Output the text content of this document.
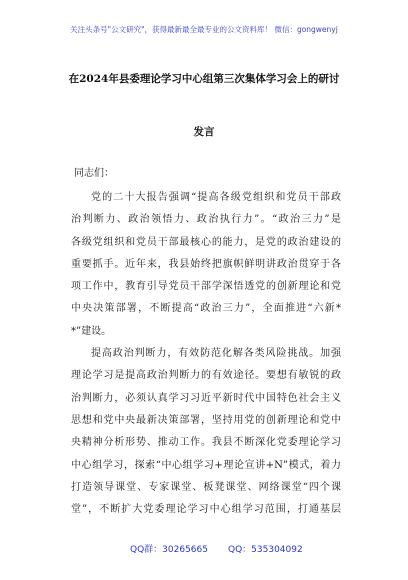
关注头条号"公文研究"，获得最新最全最专业的公文资料库！ 微信：gongwenyj
在2024年县委理论学习中心组第三次集体学习会上的研讨
发言
同志们：
党的二十大报告强调“提高各级党组织和党员干部政
治判断力、政治领悟力、政治执行力”。“政治三力”是
各级党组织和党员干部最核心的能力，是党的政治建设的
重要抓手。近年来，我县始终把旗帜鲜明讲政治贯穿于各
项工作中，教育引导党员干部学深悟透党的创新理论和党
中央决策部署，不断提高“政治三力”，全面推进“六新*
*”建设。
提高政治判断力，有效防范化解各类风险挑战。加强
理论学习是提高政治判断力的有效途径。要想有敏锐的政
治判断力，必须认真学习习近平新时代中国特色社会主义
思想和党中央最新决策部署，坚持用党的创新理论和党中
央精神分析形势、推动工作。我县不断深化党委理论学习
中心组学习，探索“中心组学习+理论宣讲+N”模式，着力
打造领导课堂、专家课堂、板凳课堂、网络课堂“四个课
堂”，不断扩大党委理论学习中心组学习范围，打通基层
QQ群：30265665 QQ：535304092
